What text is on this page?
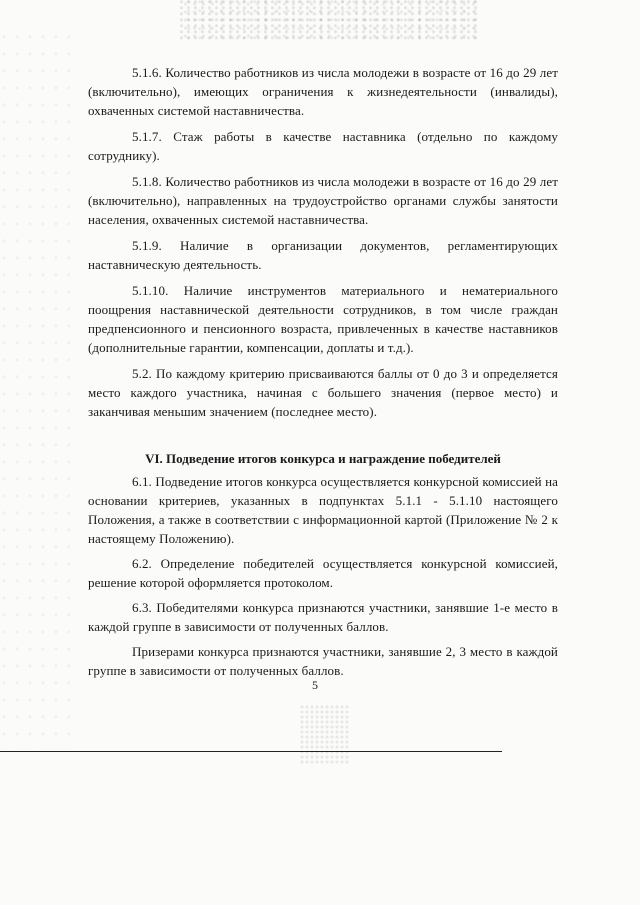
5.1.6. Количество работников из числа молодежи в возрасте от 16 до 29 лет (включительно), имеющих ограничения к жизнедеятельности (инвалиды), охваченных системой наставничества.

5.1.7. Стаж работы в качестве наставника (отдельно по каждому сотруднику).

5.1.8. Количество работников из числа молодежи в возрасте от 16 до 29 лет (включительно), направленных на трудоустройство органами службы занятости населения, охваченных системой наставничества.

5.1.9. Наличие в организации документов, регламентирующих наставническую деятельность.

5.1.10. Наличие инструментов материального и нематериального поощрения наставнической деятельности сотрудников, в том числе граждан предпенсионного и пенсионного возраста, привлеченных в качестве наставников (дополнительные гарантии, компенсации, доплаты и т.д.).

5.2. По каждому критерию присваиваются баллы от 0 до 3 и определяется место каждого участника, начиная с большего значения (первое место) и заканчивая меньшим значением (последнее место).

VI. Подведение итогов конкурса и награждение победителей

6.1. Подведение итогов конкурса осуществляется конкурсной комиссией на основании критериев, указанных в подпунктах 5.1.1 - 5.1.10 настоящего Положения, а также в соответствии с информационной картой (Приложение № 2 к настоящему Положению).

6.2. Определение победителей осуществляется конкурсной комиссией, решение которой оформляется протоколом.

6.3. Победителями конкурса признаются участники, занявшие 1-е место в каждой группе в зависимости от полученных баллов.

Призерами конкурса признаются участники, занявшие 2, 3 место в каждой группе в зависимости от полученных баллов.

5
